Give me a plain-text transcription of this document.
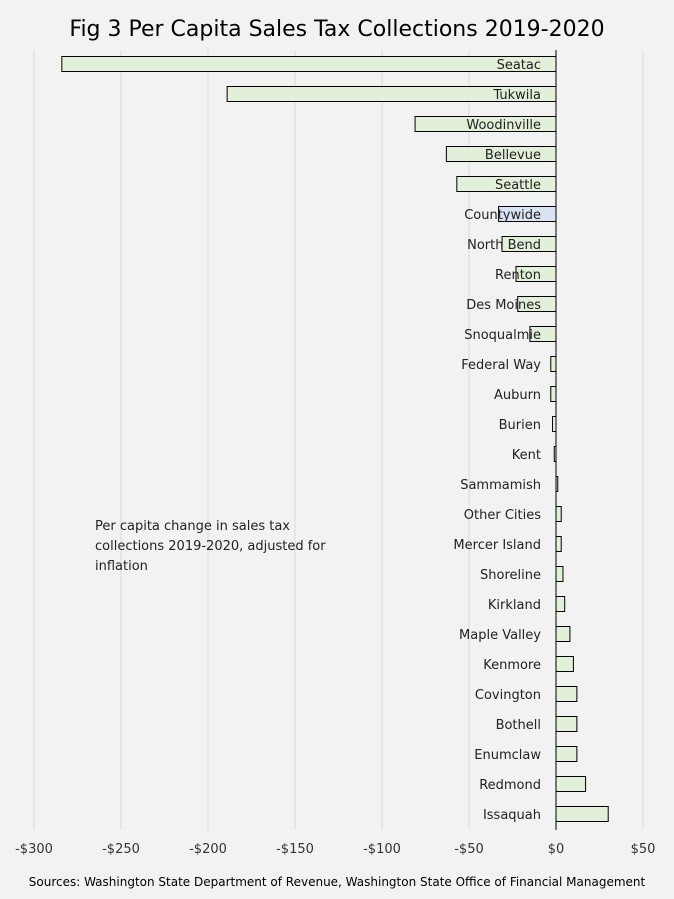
Fig 3 Per Capita Sales Tax Collections 2019-2020
Seatac
Tukwila
Woodinville
Bellevue
Seattle
Countywide
North Bend
Renton
Des Moines
Snoqualmie
Federal Way
Auburn
Burien
Kent
Sammamish
Other Cities
Mercer Island
Shoreline
Kirkland
Maple Valley
Kenmore
Covington
Bothell
Enumclaw
Redmond
Issaquah
-$300	-$250	-$200	-$150	-$100	-$50	$0	$50
Per capita change in sales tax collections 2019-2020, adjusted for inflation
Sources: Washington State Department of Revenue, Washington State Office of Financial Management
